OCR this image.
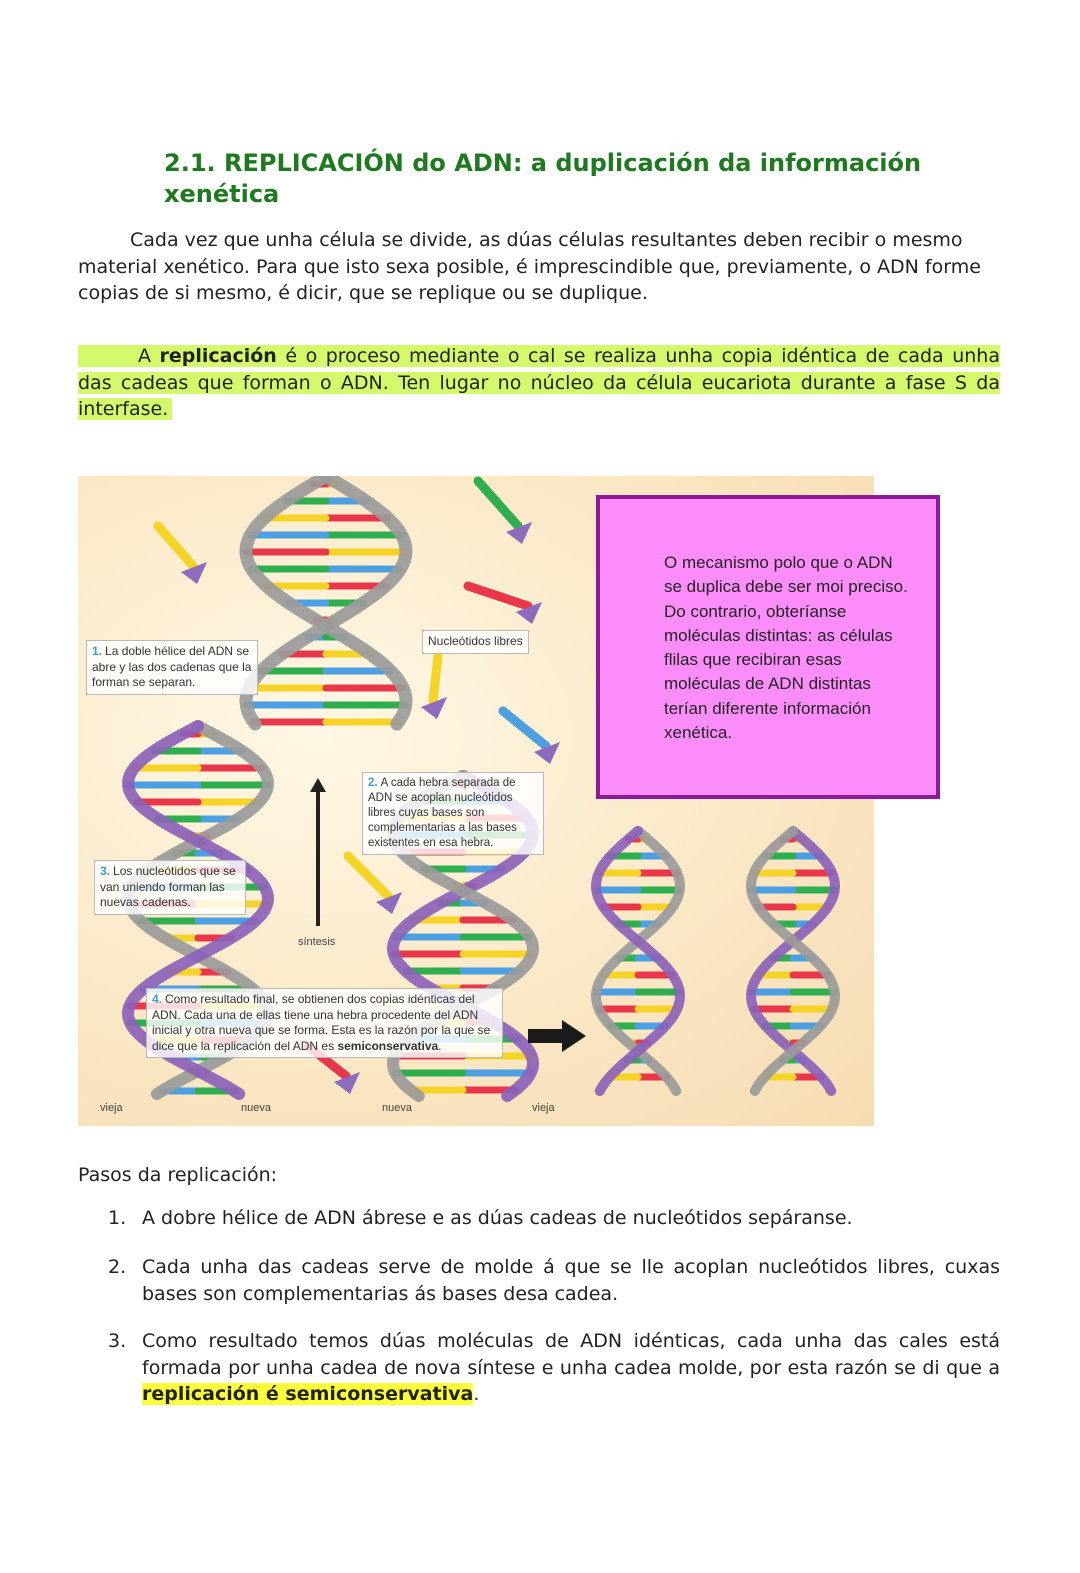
2.1. REPLICACIÓN do ADN: a duplicación da información xenética

Cada vez que unha célula se divide, as dúas células resultantes deben recibir o mesmo material xenético. Para que isto sexa posible, é imprescindible que, previamente, o ADN forme copias de si mesmo, é dicir, que se replique ou se duplique.

A replicación é o proceso mediante o cal se realiza unha copia idéntica de cada unha das cadeas que forman o ADN. Ten lugar no núcleo da célula eucariota durante a fase S da interfase.

1. La doble hélice del ADN se abre y las dos cadenas que la forman se separan.
Nucleótidos libres
2. A cada hebra separada de ADN se acoplan nucleótidos libres cuyas bases son complementarias a las bases existentes en esa hebra.
3. Los nucleótidos que se van uniendo forman las nuevas cadenas.
síntesis
4. Como resultado final, se obtienen dos copias idénticas del ADN. Cada una de ellas tiene una hebra procedente del ADN inicial y otra nueva que se forma. Esta es la razón por la que se dice que la replicación del ADN es semiconservativa.
vieja	nueva	nueva	vieja

O mecanismo polo que o ADN se duplica debe ser moi preciso. Do contrario, obteríanse moléculas distintas: as células flilas que recibiran esas moléculas de ADN distintas terían diferente información xenética.

Pasos da replicación:

1. A dobre hélice de ADN ábrese e as dúas cadeas de nucleótidos sepáranse.
2. Cada unha das cadeas serve de molde á que se lle acoplan nucleótidos libres, cuxas bases son complementarias ás bases desa cadea.
3. Como resultado temos dúas moléculas de ADN idénticas, cada unha das cales está formada por unha cadea de nova síntese e unha cadea molde, por esta razón se di que a replicación é semiconservativa.
